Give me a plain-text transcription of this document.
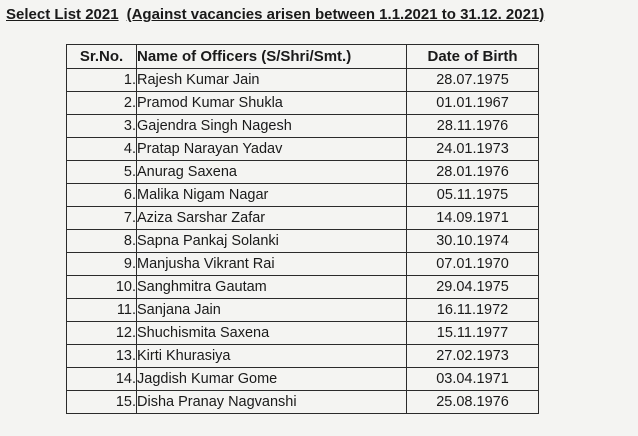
Select List 2021 (Against vacancies arisen between 1.1.2021 to 31.12. 2021)
Sr.No.	Name of Officers (S/Shri/Smt.)	Date of Birth
1.	Rajesh Kumar Jain	28.07.1975
2.	Pramod Kumar Shukla	01.01.1967
3.	Gajendra Singh Nagesh	28.11.1976
4.	Pratap Narayan Yadav	24.01.1973
5.	Anurag Saxena	28.01.1976
6.	Malika Nigam Nagar	05.11.1975
7.	Aziza Sarshar Zafar	14.09.1971
8.	Sapna Pankaj Solanki	30.10.1974
9.	Manjusha Vikrant Rai	07.01.1970
10.	Sanghmitra Gautam	29.04.1975
11.	Sanjana Jain	16.11.1972
12.	Shuchismita Saxena	15.11.1977
13.	Kirti Khurasiya	27.02.1973
14.	Jagdish Kumar Gome	03.04.1971
15.	Disha Pranay Nagvanshi	25.08.1976
